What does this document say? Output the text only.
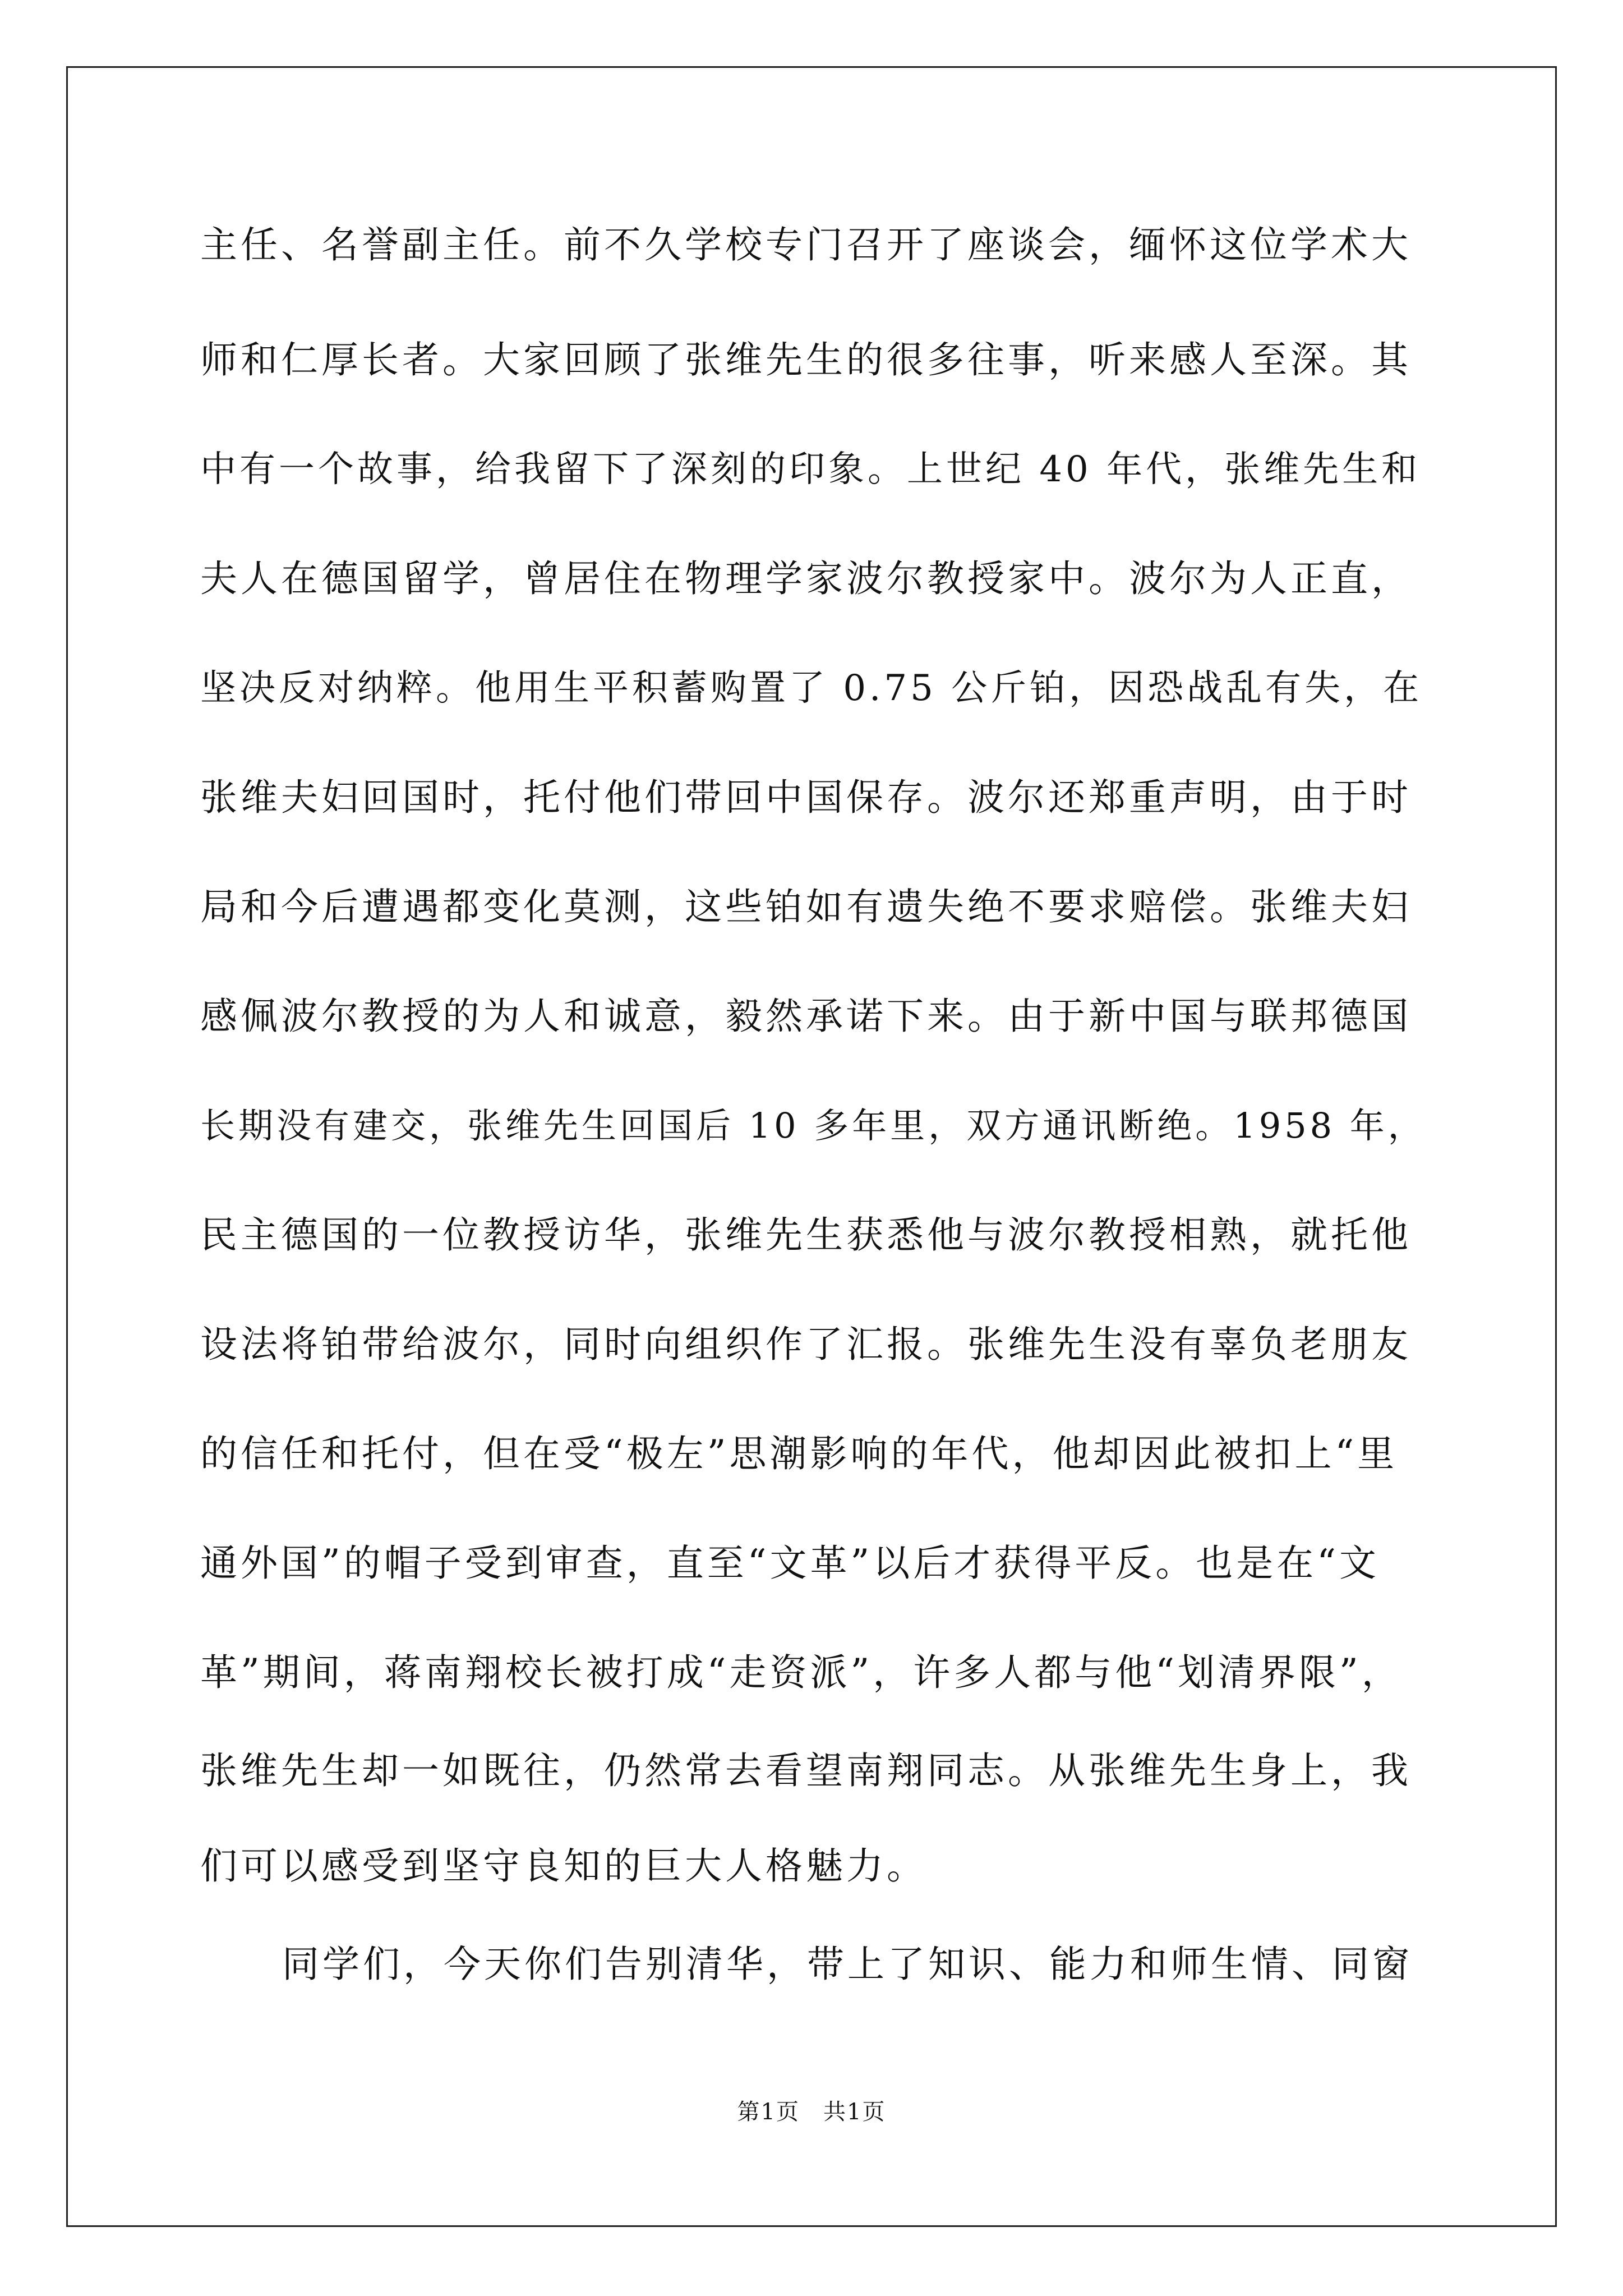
主任、名誉副主任。前不久学校专门召开了座谈会，缅怀这位学术大
师和仁厚长者。大家回顾了张维先生的很多往事，听来感人至深。其
中有一个故事，给我留下了深刻的印象。上世纪 40 年代，张维先生和
夫人在德国留学，曾居住在物理学家波尔教授家中。波尔为人正直，
坚决反对纳粹。他用生平积蓄购置了 0.75 公斤铂，因恐战乱有失，在
张维夫妇回国时，托付他们带回中国保存。波尔还郑重声明，由于时
局和今后遭遇都变化莫测，这些铂如有遗失绝不要求赔偿。张维夫妇
感佩波尔教授的为人和诚意，毅然承诺下来。由于新中国与联邦德国
长期没有建交，张维先生回国后 10 多年里，双方通讯断绝。1958 年，
民主德国的一位教授访华，张维先生获悉他与波尔教授相熟，就托他
设法将铂带给波尔，同时向组织作了汇报。张维先生没有辜负老朋友
的信任和托付，但在受“极左”思潮影响的年代，他却因此被扣上“里
通外国”的帽子受到审查，直至“文革”以后才获得平反。也是在“文
革”期间，蒋南翔校长被打成“走资派”，许多人都与他“划清界限”，
张维先生却一如既往，仍然常去看望南翔同志。从张维先生身上，我
们可以感受到坚守良知的巨大人格魅力。
同学们，今天你们告别清华，带上了知识、能力和师生情、同窗
第1页　共1页
